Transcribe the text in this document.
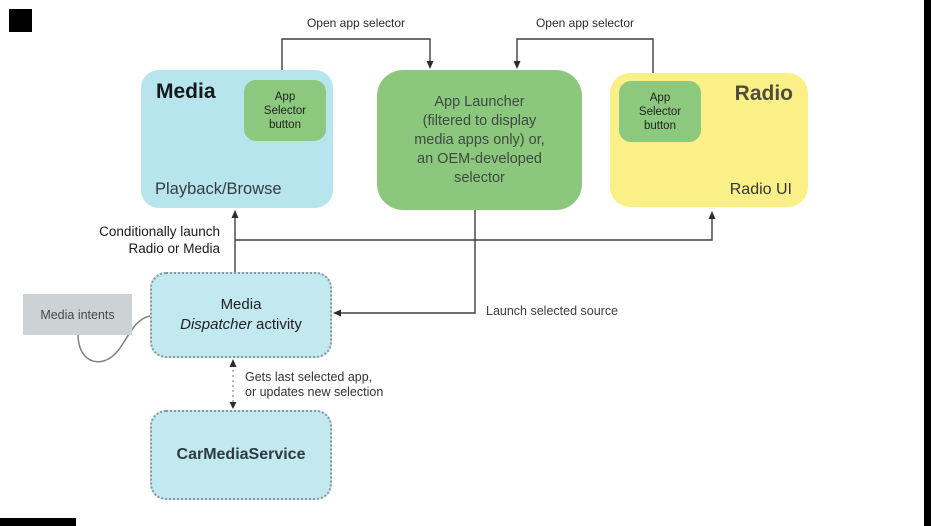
Media	App
Selector
button
Playback/Browse
App Launcher
(filtered to display
media apps only) or,
an OEM-developed
selector
Radio
App
Selector
button
Radio UI
Media intents
Media
Dispatcher activity
CarMediaService
Open app selector	Open app selector
Conditionally launch
Radio or Media
Launch selected source
Gets last selected app,
or updates new selection
